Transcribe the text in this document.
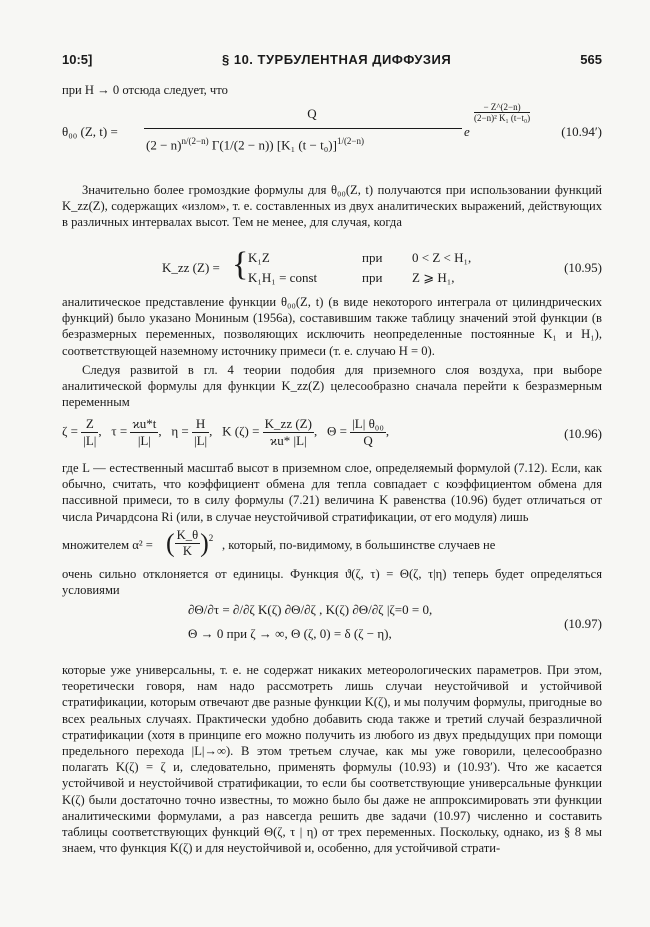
10:5]	§ 10. ТУРБУЛЕНТНАЯ ДИФФУЗИЯ	565

при H → 0 отсюда следует, что

θ₀₀ (Z, t) =
Q
$(2 - n)^{n/(2-n)}$ Γ(1/(2 − n)) [K₁ (t − t₀)]$^{1/(2-n)}$
e
− Z^(2−n)
(2−n)² K₁ (t−t₀)
(10.94′)

Значительно более громоздкие формулы для θ₀₀(Z, t) получаются при использовании функций K_zz(Z), содержащих «излом», т. е. составленных из двух аналитических выражений, действующих в различных интервалах высот. Тем не менее, для случая, когда

K_zz (Z) = { K₁Z	при 0 < Z < H₁,
K₁H₁ = const	при Z ⩾ H₁,
(10.95)

аналитическое представление функции θ₀₀(Z, t) (в виде некоторого интеграла от цилиндрических функций) было указано Мониным (1956а), составившим также таблицу значений этой функции (в безразмерных переменных, позволяющих исключить неопределенные постоянные K₁ и H₁), соответствующей наземному источнику примеси (т. е. случаю H = 0).

Следуя развитой в гл. 4 теории подобия для приземного слоя воздуха, при выборе аналитической формулы для функции K_zz(Z) целесообразно сначала перейти к безразмерным переменным

$\zeta = \frac{Z}{|L|}$ ,   $\tau = \frac{ϰu*t}{|L|}$ ,   $\eta = \frac{H}{|L|}$ ,   K $(\zeta) = \frac{K\_zz (Z)}{ϰu* |L|}$ ,   $\Theta = \frac{\text{|L| θ₀₀}}{Q}$ ,	(10.96)

где L — естественный масштаб высот в приземном слое, определяемый формулой (7.12). Если, как обычно, считать, что коэффициент обмена для тепла совпадает с коэффициентом обмена для пассивной примеси, то в силу формулы (7.21) величина K равенства (10.96) будет отличаться от числа Ричардсона Ri (или, в случае неустойчивой стратификации, от его модуля) лишь

множителем α² = ( $\frac{K\_\theta}{K} )^2$ , который, по-видимому, в большинстве случаев не

очень сильно отклоняется от единицы. Функция ϑ(ζ, τ) = Θ(ζ, τ|η) теперь будет определяться условиями

∂Θ/∂τ = ∂/∂ζ K(ζ) ∂Θ/∂ζ , K(ζ) ∂Θ/∂ζ |ζ=0 = 0,
Θ → 0 при ζ → ∞, Θ (ζ, 0) = δ (ζ − η),
(10.97)

которые уже универсальны, т. е. не содержат никаких метеорологических параметров. При этом, теоретически говоря, нам надо рассмотреть лишь случаи неустойчивой и устойчивой стратификации, которым отвечают две разные функции K(ζ), и мы получим формулы, пригодные во всех реальных случаях. Практически удобно добавить сюда также и третий случай безразличной стратификации (хотя в принципе его можно получить из любого из двух предыдущих при помощи предельного перехода |L|→∞). В этом третьем случае, как мы уже говорили, целесообразно полагать K(ζ) = ζ и, следовательно, применять формулы (10.93) и (10.93′). Что же касается устойчивой и неустойчивой стратификации, то если бы соответствующие универсальные функции K(ζ) были достаточно точно известны, то можно было бы даже не аппроксимировать эти функции аналитическими формулами, а раз навсегда решить две задачи (10.97) численно и составить таблицы соответствующих функций Θ(ζ, τ | η) от трех переменных. Поскольку, однако, из § 8 мы знаем, что функция K(ζ) и для неустойчивой и, особенно, для устойчивой страти-
